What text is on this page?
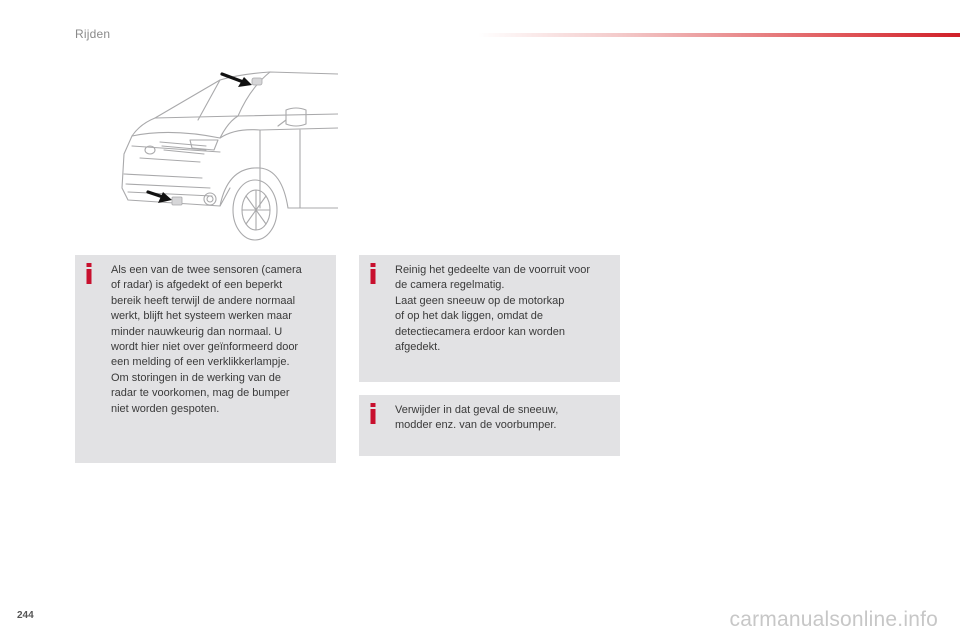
Rijden
Als een van de twee sensoren (camera
of radar) is afgedekt of een beperkt
bereik heeft terwijl de andere normaal
werkt, blijft het systeem werken maar
minder nauwkeurig dan normaal. U
wordt hier niet over geïnformeerd door
een melding of een verklikkerlampje.
Om storingen in de werking van de
radar te voorkomen, mag de bumper
niet worden gespoten.
Reinig het gedeelte van de voorruit voor
de camera regelmatig.
Laat geen sneeuw op de motorkap
of op het dak liggen, omdat de
detectiecamera erdoor kan worden
afgedekt.
Verwijder in dat geval de sneeuw,
modder enz. van de voorbumper.
244	carmanualsonline.info
